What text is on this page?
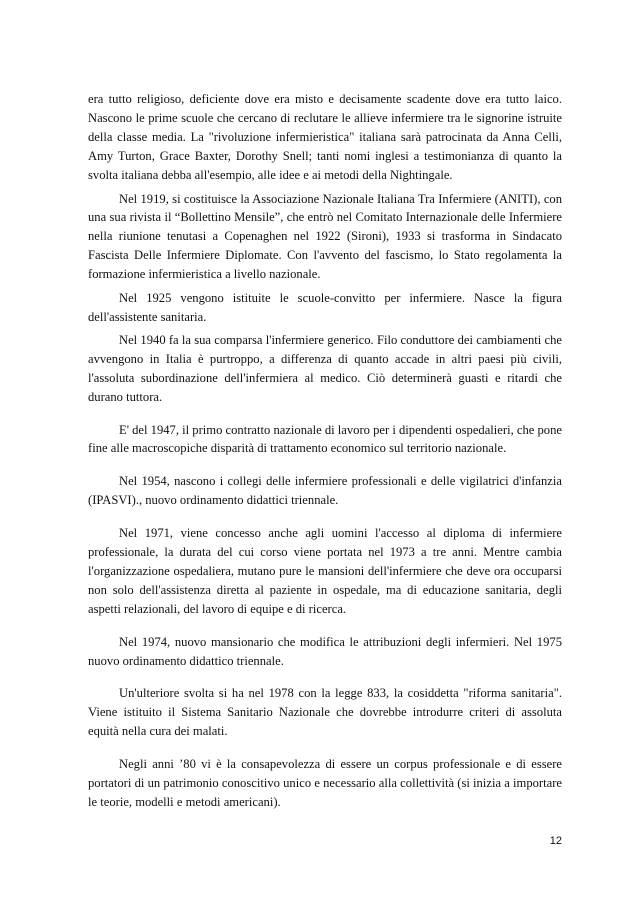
era tutto religioso, deficiente dove era misto e decisamente scadente dove era tutto laico. Nascono le prime scuole che cercano di reclutare le allieve infermiere tra le signorine istruite della classe media. La "rivoluzione infermieristica" italiana sarà patrocinata da Anna Celli, Amy Turton, Grace Baxter, Dorothy Snell; tanti nomi inglesi a testimonianza di quanto la svolta italiana debba all'esempio, alle idee e ai metodi della Nightingale.

Nel 1919, si costituisce la Associazione Nazionale Italiana Tra Infermiere (ANITI), con una sua rivista il “Bollettino Mensile”, che entrò nel Comitato Internazionale delle Infermiere nella riunione tenutasi a Copenaghen nel 1922 (Sironi), 1933 si trasforma in Sindacato Fascista Delle Infermiere Diplomate. Con l'avvento del fascismo, lo Stato regolamenta la formazione infermieristica a livello nazionale.

Nel 1925 vengono istituite le scuole-convitto per infermiere. Nasce la figura dell'assistente sanitaria.

Nel 1940 fa la sua comparsa l'infermiere generico. Filo conduttore dei cambiamenti che avvengono in Italia è purtroppo, a differenza di quanto accade in altri paesi più civili, l'assoluta subordinazione dell'infermiera al medico. Ciò determinerà guasti e ritardi che durano tuttora.

E' del 1947, il primo contratto nazionale di lavoro per i dipendenti ospedalieri, che pone fine alle macroscopiche disparità di trattamento economico sul territorio nazionale.

Nel 1954, nascono i collegi delle infermiere professionali e delle vigilatrici d'infanzia (IPASVI)., nuovo ordinamento didattici triennale.

Nel 1971, viene concesso anche agli uomini l'accesso al diploma di infermiere professionale, la durata del cui corso viene portata nel 1973 a tre anni. Mentre cambia l'organizzazione ospedaliera, mutano pure le mansioni dell'infermiere che deve ora occuparsi non solo dell'assistenza diretta al paziente in ospedale, ma di educazione sanitaria, degli aspetti relazionali, del lavoro di equipe e di ricerca.

Nel 1974, nuovo mansionario che modifica le attribuzioni degli infermieri. Nel 1975 nuovo ordinamento didattico triennale.

Un'ulteriore svolta si ha nel 1978 con la legge 833, la cosiddetta "riforma sanitaria". Viene istituito il Sistema Sanitario Nazionale che dovrebbe introdurre criteri di assoluta equità nella cura dei malati.

Negli anni ’80 vi è la consapevolezza di essere un corpus professionale e di essere portatori di un patrimonio conoscitivo unico e necessario alla collettività (si inizia a importare le teorie, modelli e metodi americani).

12
